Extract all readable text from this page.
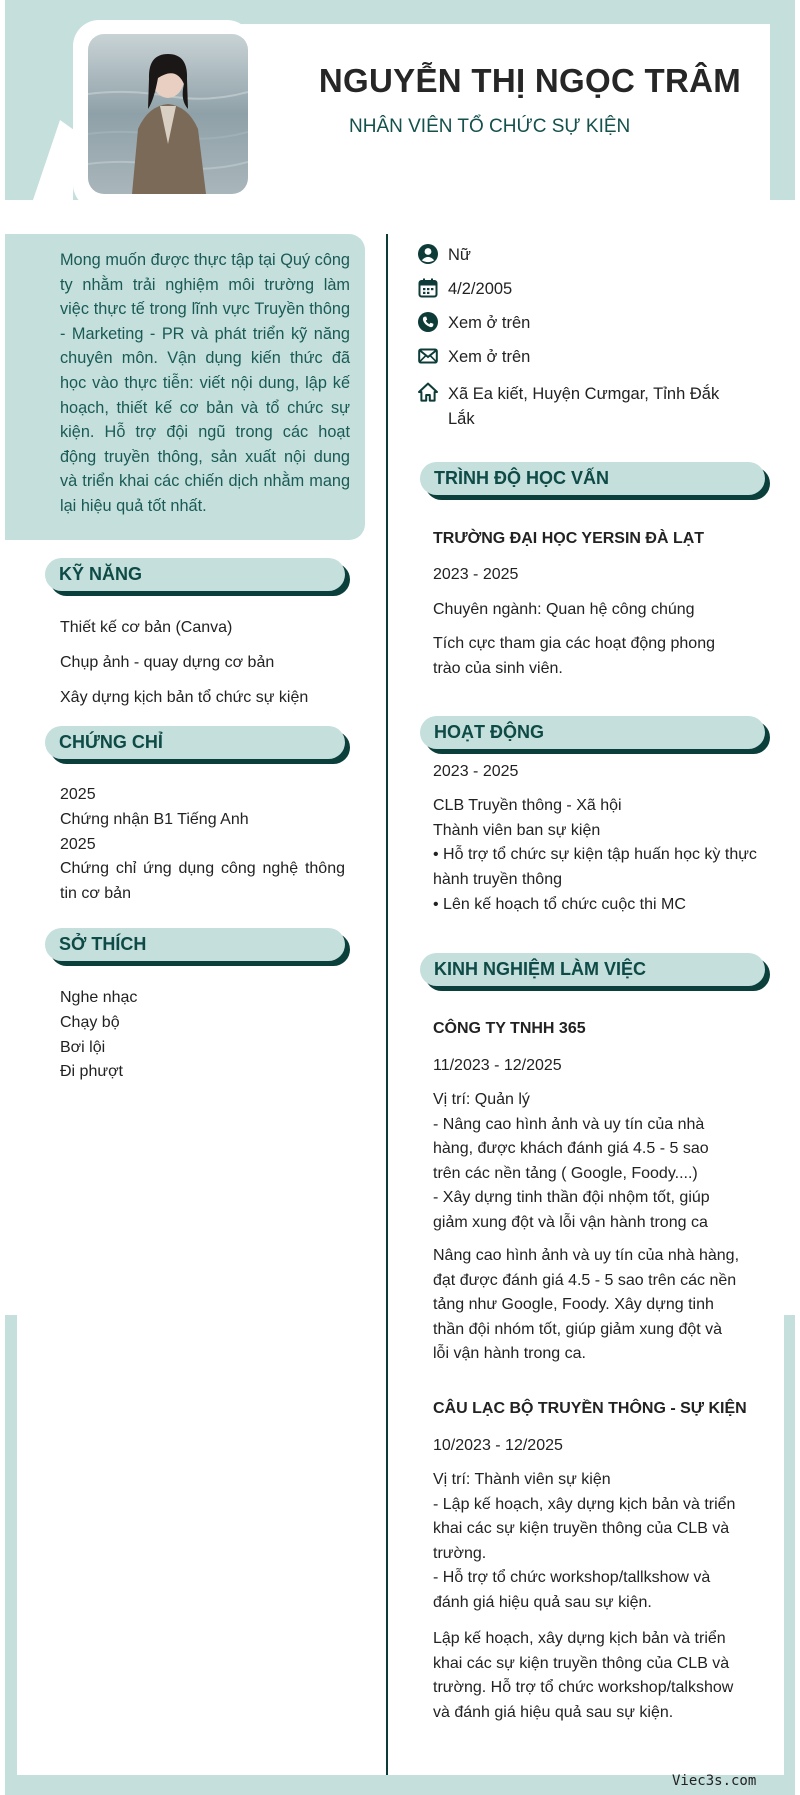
NGUYỄN THỊ NGỌC TRÂM
NHÂN VIÊN TỔ CHỨC SỰ KIỆN

Mong muốn được thực tập tại Quý công ty nhằm trải nghiệm môi trường làm việc thực tế trong lĩnh vực Truyền thông - Marketing - PR và phát triển kỹ năng chuyên môn. Vận dụng kiến thức đã học vào thực tiễn: viết nội dung, lập kế hoạch, thiết kế cơ bản và tổ chức sự kiện. Hỗ trợ đội ngũ trong các hoạt động truyền thông, sản xuất nội dung và triển khai các chiến dịch nhằm mang lại hiệu quả tốt nhất.

KỸ NĂNG
Thiết kế cơ bản (Canva)
Chụp ảnh - quay dựng cơ bản
Xây dựng kịch bản tổ chức sự kiện
CHỨNG CHỈ
2025
Chứng nhận B1 Tiếng Anh
2025
Chứng chỉ ứng dụng công nghệ thông tin cơ bản
SỞ THÍCH
Nghe nhạc
Chạy bộ
Bơi lội
Đi phượt
Nữ
4/2/2005
Xem ở trên
Xem ở trên
Xã Ea kiết, Huyện Cưmgar, Tỉnh Đắk Lắk
TRÌNH ĐỘ HỌC VẤN
TRƯỜNG ĐẠI HỌC YERSIN ĐÀ LẠT
2023 - 2025
Chuyên ngành: Quan hệ công chúng
Tích cực tham gia các hoạt động phong trào của sinh viên.
HOẠT ĐỘNG
2023 - 2025
CLB Truyền thông - Xã hội
Thành viên ban sự kiện
• Hỗ trợ tổ chức sự kiện tập huấn học kỳ thực hành truyền thông
• Lên kế hoạch tổ chức cuộc thi MC
KINH NGHIỆM LÀM VIỆC
CÔNG TY TNHH 365
11/2023 - 12/2025
Vị trí: Quản lý
- Nâng cao hình ảnh và uy tín của nhà hàng, được khách đánh giá 4.5 - 5 sao trên các nền tảng ( Google, Foody....)
- Xây dựng tinh thần đội nhộm tốt, giúp giảm xung đột và lỗi vận hành trong ca
Nâng cao hình ảnh và uy tín của nhà hàng, đạt được đánh giá 4.5 - 5 sao trên các nền tảng như Google, Foody. Xây dựng tinh thần đội nhóm tốt, giúp giảm xung đột và lỗi vận hành trong ca.
CÂU LẠC BỘ TRUYỀN THÔNG - SỰ KIỆN
10/2023 - 12/2025
Vị trí: Thành viên sự kiện
- Lập kế hoạch, xây dựng kịch bản và triển khai các sự kiện truyền thông của CLB và trường.
- Hỗ trợ tổ chức workshop/tallkshow và đánh giá hiệu quả sau sự kiện.
Lập kế hoạch, xây dựng kịch bản và triển khai các sự kiện truyền thông của CLB và trường. Hỗ trợ tổ chức workshop/talkshow và đánh giá hiệu quả sau sự kiện.
Viec3s.com
